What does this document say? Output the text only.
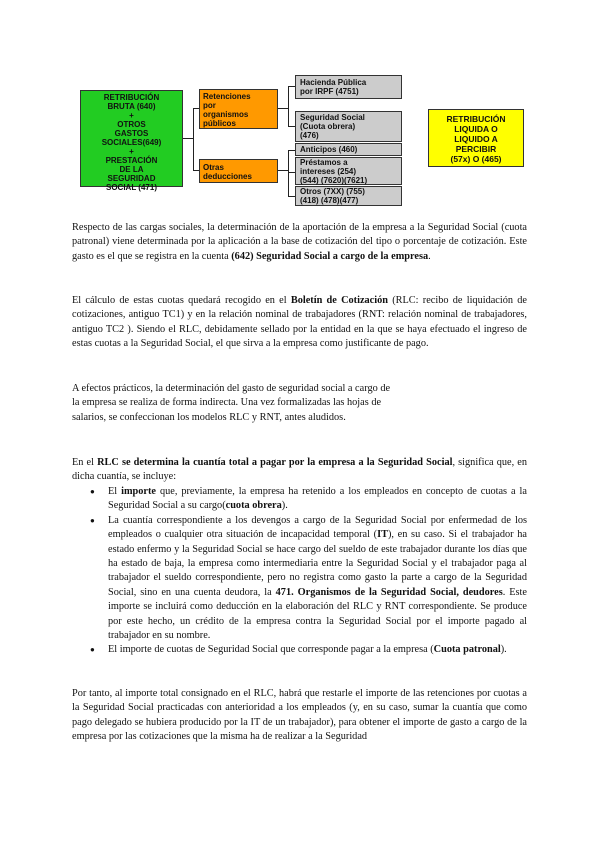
RETRIBUCIÓN
BRUTA (640)
+
OTROS
GASTOS
SOCIALES(649)
+
PRESTACIÓN
DE LA
SEGURIDAD
SOCIAL (471)
Retenciones
por
organismos
públicos
Otras
deducciones
Hacienda Pública
por IRPF (4751)
Seguridad Social
(Cuota obrera)
(476)
Anticipos (460)
Préstamos a
intereses (254)
(544) (7620)(7621)
Otros (7XX) (755)
(418) (478)(477)
RETRIBUCIÓN
LIQUIDA O
LIQUIDO A
PERCIBIR
(57x) O (465)

Respecto de las cargas sociales, la determinación de la aportación de la empresa a la Seguridad Social (cuota patronal) viene determinada por la aplicación a la base de cotización del tipo o porcentaje de cotización. Este gasto es el que se registra en la cuenta (642) Seguridad Social a cargo de la empresa.

El cálculo de estas cuotas quedará recogido en el Boletín de Cotización (RLC: recibo de liquidación de cotizaciones, antiguo TC1) y en la relación nominal de trabajadores (RNT: relación nominal de trabajadores, antiguo TC2 ). Siendo el RLC, debidamente sellado por la entidad en la que se haya efectuado el ingreso de estas cuotas a la Seguridad Social, el que sirva a la empresa como justificante de pago.

A efectos prácticos, la determinación del gasto de seguridad social a cargo de
la empresa se realiza de forma indirecta. Una vez formalizadas las hojas de
salarios, se confeccionan los modelos RLC y RNT, antes aludidos.

En el RLC se determina la cuantía total a pagar por la empresa a la Seguridad Social, significa que, en dicha cuantía, se incluye:

● El importe que, previamente, la empresa ha retenido a los empleados en concepto de cuotas a la Seguridad Social a su cargo(cuota obrera).
● La cuantía correspondiente a los devengos a cargo de la Seguridad Social por enfermedad de los empleados o cualquier otra situación de incapacidad temporal (IT), en su caso. Si el trabajador ha estado enfermo y la Seguridad Social se hace cargo del sueldo de este trabajador durante los días que ha estado de baja, la empresa como intermediaria entre la Seguridad Social y el trabajador paga al trabajador el sueldo correspondiente, pero no registra como gasto la parte a cargo de la Seguridad Social, sino en una cuenta deudora, la 471. Organismos de la Seguridad Social, deudores. Este importe se incluirá como deducción en la elaboración del RLC y RNT correspondiente. Se produce por este hecho, un crédito de la empresa contra la Seguridad Social por el importe pagado al trabajador en su nombre.
● El importe de cuotas de Seguridad Social que corresponde pagar a la empresa (Cuota patronal).

Por tanto, al importe total consignado en el RLC, habrá que restarle el importe de las retenciones por cuotas a la Seguridad Social practicadas con anterioridad a los empleados (y, en su caso, sumar la cuantía que como pago delegado se hubiera producido por la IT de un trabajador), para obtener el importe de gasto a cargo de la empresa por las cotizaciones que la misma ha de realizar a la Seguridad
